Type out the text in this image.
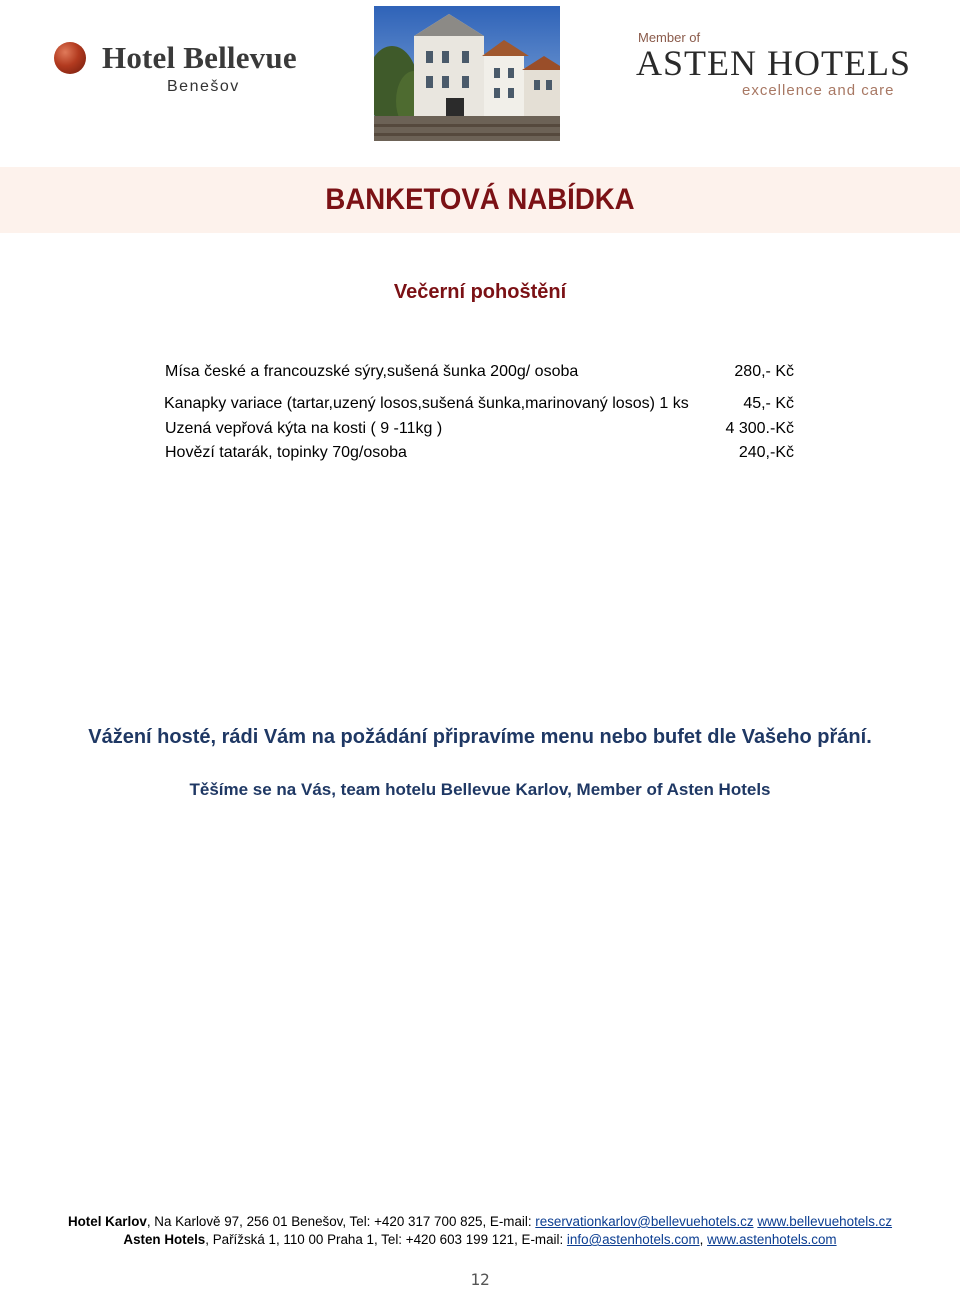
Hotel Bellevue
Benešov
Member of
ASTEN HOTELS
excellence and care
BANKETOVÁ NABÍDKA
Večerní pohoštění
Mísa české a francouzské sýry,sušená šunka 200g/ osoba	280,- Kč
Kanapky variace (tartar,uzený losos,sušená šunka,marinovaný losos) 1 ks	45,- Kč
Uzená vepřová kýta na kosti ( 9 -11kg )	4 300.-Kč
Hovězí tatarák, topinky 70g/osoba	240,-Kč
Vážení hosté, rádi Vám na požádání připravíme menu nebo bufet dle Vašeho přání.
Těšíme se na Vás, team hotelu Bellevue Karlov, Member of Asten Hotels
Hotel Karlov, Na Karlově 97, 256 01 Benešov, Tel: +420 317 700 825, E-mail: reservationkarlov@bellevuehotels.cz www.bellevuehotels.cz
Asten Hotels, Pařížská 1, 110 00 Praha 1, Tel: +420 603 199 121, E-mail: info@astenhotels.com, www.astenhotels.com
12
